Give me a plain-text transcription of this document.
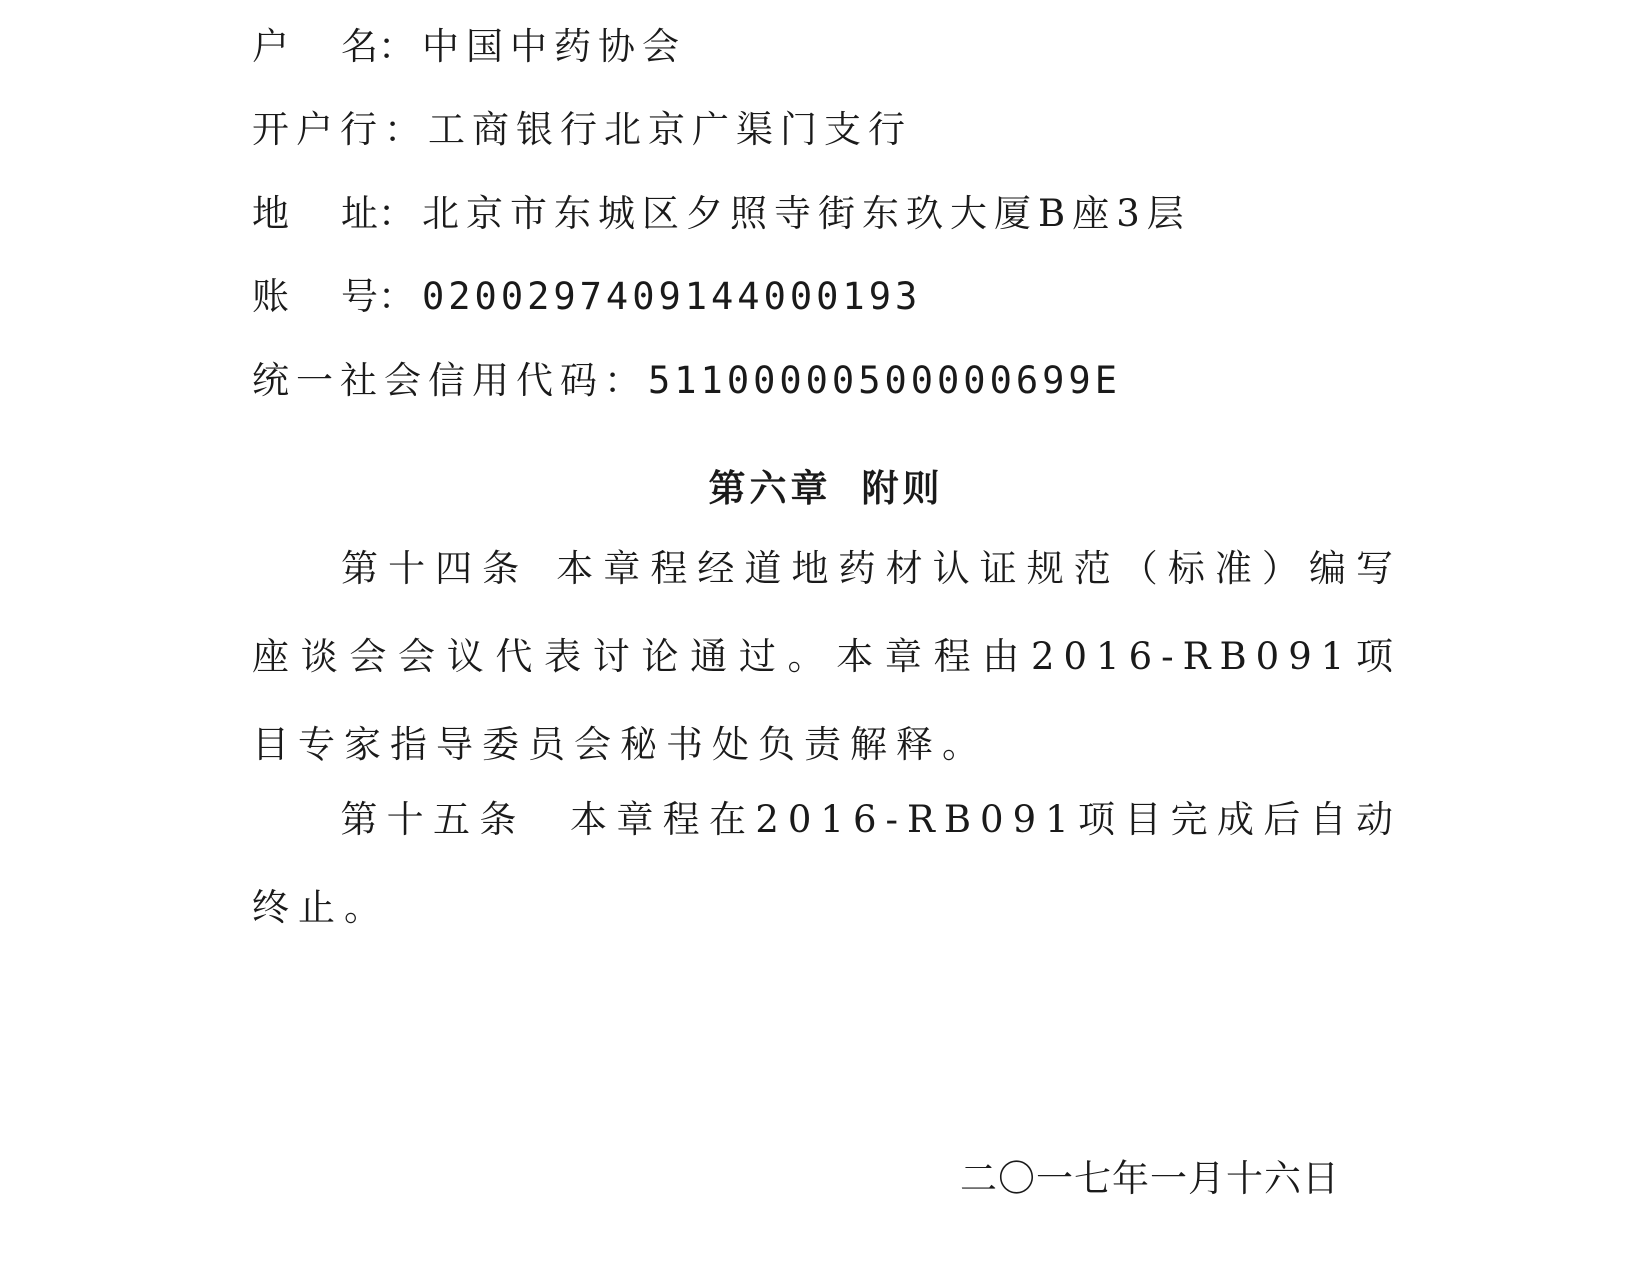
户 名： 中国中药协会
开户行：工商银行北京广渠门支行
地 址： 北京市东城区夕照寺街东玖大厦B座3层
账 号： 0200297409144000193
统一社会信用代码：51100000500000699E
第六章 附则
第十四条 本章程经道地药材认证规范（标准）编写座谈会会议代表讨论通过。本章程由2016-RB091项目专家指导委员会秘书处负责解释。
第十五条 本章程在2016-RB091项目完成后自动终止。
二〇一七年一月十六日
